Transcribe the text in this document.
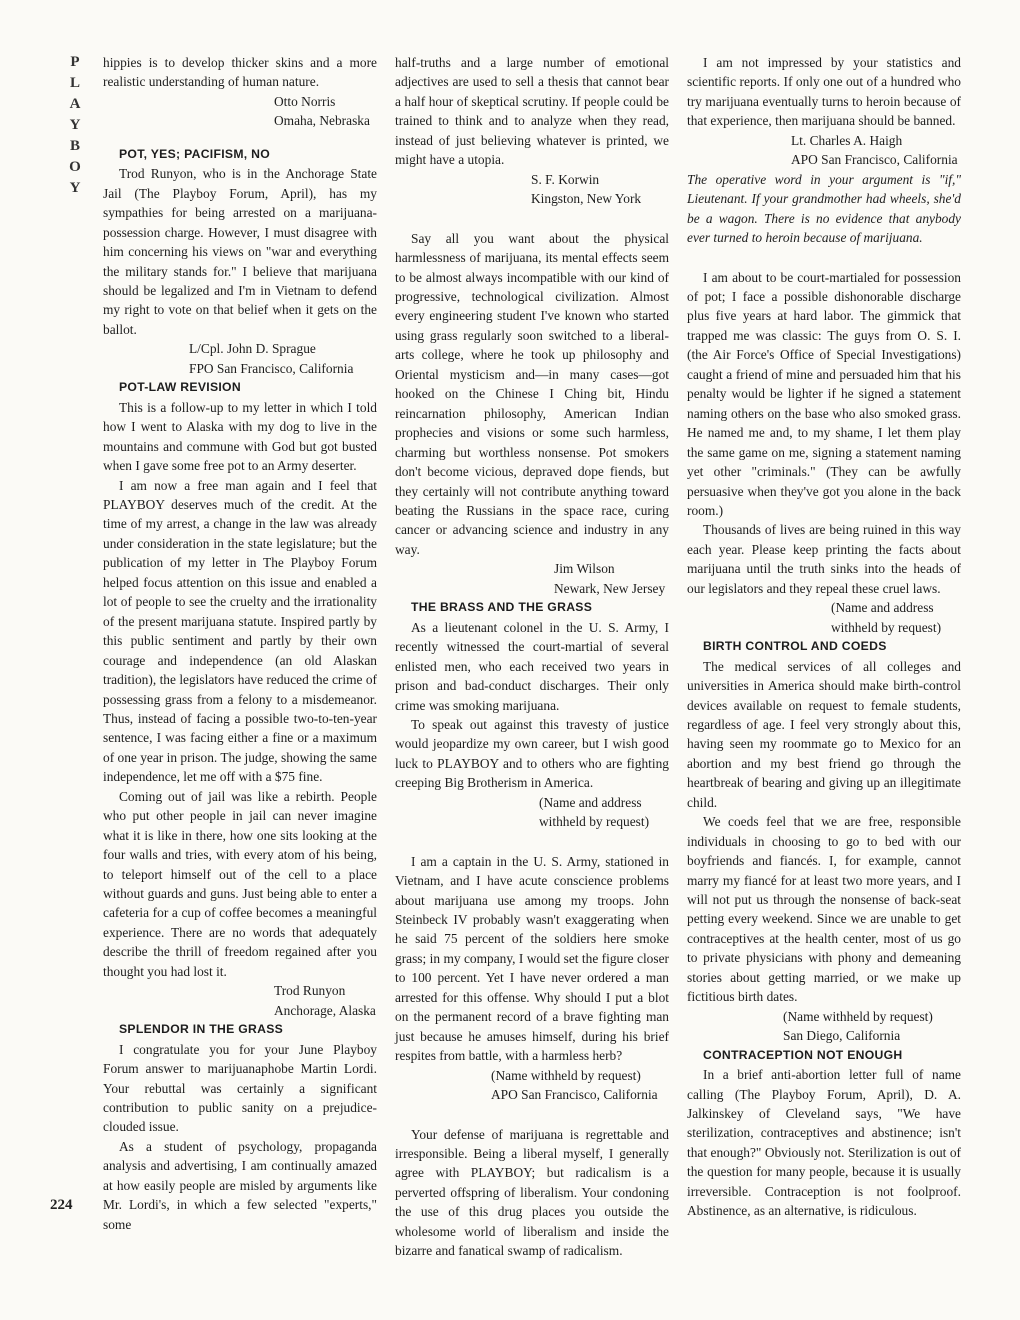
P
L
A
Y
B
O
Y
224

hippies is to develop thicker skins and a more realistic understanding of human nature.

Otto Norris

Omaha, Nebraska

POT, YES; PACIFISM, NO

Trod Runyon, who is in the Anchorage State Jail (The Playboy Forum, April), has my sympathies for being arrested on a marijuana-possession charge. However, I must disagree with him concerning his views on "war and everything the military stands for." I believe that marijuana should be legalized and I'm in Vietnam to defend my right to vote on that belief when it gets on the ballot.

L/Cpl. John D. Sprague

FPO San Francisco, California

POT-LAW REVISION

This is a follow-up to my letter in which I told how I went to Alaska with my dog to live in the mountains and commune with God but got busted when I gave some free pot to an Army deserter.

I am now a free man again and I feel that PLAYBOY deserves much of the credit. At the time of my arrest, a change in the law was already under consideration in the state legislature; but the publication of my letter in The Playboy Forum helped focus attention on this issue and enabled a lot of people to see the cruelty and the irrationality of the present marijuana statute. Inspired partly by this public sentiment and partly by their own courage and independence (an old Alaskan tradition), the legislators have reduced the crime of possessing grass from a felony to a misdemeanor. Thus, instead of facing a possible two-to-ten-year sentence, I was facing either a fine or a maximum of one year in prison. The judge, showing the same independence, let me off with a $75 fine.

Coming out of jail was like a rebirth. People who put other people in jail can never imagine what it is like in there, how one sits looking at the four walls and tries, with every atom of his being, to teleport himself out of the cell to a place without guards and guns. Just being able to enter a cafeteria for a cup of coffee becomes a meaningful experience. There are no words that adequately describe the thrill of freedom regained after you thought you had lost it.

Trod Runyon

Anchorage, Alaska

SPLENDOR IN THE GRASS

I congratulate you for your June Playboy Forum answer to marijuanaphobe Martin Lordi. Your rebuttal was certainly a significant contribution to public sanity on a prejudice-clouded issue.

As a student of psychology, propaganda analysis and advertising, I am continually amazed at how easily people are misled by arguments like Mr. Lordi's, in which a few selected "experts," some

half-truths and a large number of emotional adjectives are used to sell a thesis that cannot bear a half hour of skeptical scrutiny. If people could be trained to think and to analyze when they read, instead of just believing whatever is printed, we might have a utopia.

S. F. Korwin

Kingston, New York

Say all you want about the physical harmlessness of marijuana, its mental effects seem to be almost always incompatible with our kind of progressive, technological civilization. Almost every engineering student I've known who started using grass regularly soon switched to a liberal-arts college, where he took up philosophy and Oriental mysticism and—in many cases—got hooked on the Chinese I Ching bit, Hindu reincarnation philosophy, American Indian prophecies and visions or some such harmless, charming but worthless nonsense. Pot smokers don't become vicious, depraved dope fiends, but they certainly will not contribute anything toward beating the Russians in the space race, curing cancer or advancing science and industry in any way.

Jim Wilson

Newark, New Jersey

THE BRASS AND THE GRASS

As a lieutenant colonel in the U. S. Army, I recently witnessed the court-martial of several enlisted men, who each received two years in prison and bad-conduct discharges. Their only crime was smoking marijuana.

To speak out against this travesty of justice would jeopardize my own career, but I wish good luck to PLAYBOY and to others who are fighting creeping Big Brotherism in America.

(Name and address

withheld by request)

I am a captain in the U. S. Army, stationed in Vietnam, and I have acute conscience problems about marijuana use among my troops. John Steinbeck IV probably wasn't exaggerating when he said 75 percent of the soldiers here smoke grass; in my company, I would set the figure closer to 100 percent. Yet I have never ordered a man arrested for this offense. Why should I put a blot on the permanent record of a brave fighting man just because he amuses himself, during his brief respites from battle, with a harmless herb?

(Name withheld by request)

APO San Francisco, California

Your defense of marijuana is regrettable and irresponsible. Being a liberal myself, I generally agree with PLAYBOY; but radicalism is a perverted offspring of liberalism. Your condoning the use of this drug places you outside the wholesome world of liberalism and inside the bizarre and fanatical swamp of radicalism.

I am not impressed by your statistics and scientific reports. If only one out of a hundred who try marijuana eventually turns to heroin because of that experience, then marijuana should be banned.

Lt. Charles A. Haigh

APO San Francisco, California

The operative word in your argument is "if," Lieutenant. If your grandmother had wheels, she'd be a wagon. There is no evidence that anybody ever turned to heroin because of marijuana.

I am about to be court-martialed for possession of pot; I face a possible dishonorable discharge plus five years at hard labor. The gimmick that trapped me was classic: The guys from O. S. I. (the Air Force's Office of Special Investigations) caught a friend of mine and persuaded him that his penalty would be lighter if he signed a statement naming others on the base who also smoked grass. He named me and, to my shame, I let them play the same game on me, signing a statement naming yet other "criminals." (They can be awfully persuasive when they've got you alone in the back room.)

Thousands of lives are being ruined in this way each year. Please keep printing the facts about marijuana until the truth sinks into the heads of our legislators and they repeal these cruel laws.

(Name and address

withheld by request)

BIRTH CONTROL AND COEDS

The medical services of all colleges and universities in America should make birth-control devices available on request to female students, regardless of age. I feel very strongly about this, having seen my roommate go to Mexico for an abortion and my best friend go through the heartbreak of bearing and giving up an illegitimate child.

We coeds feel that we are free, responsible individuals in choosing to go to bed with our boyfriends and fiancés. I, for example, cannot marry my fiancé for at least two more years, and I will not put us through the nonsense of back-seat petting every weekend. Since we are unable to get contraceptives at the health center, most of us go to private physicians with phony and demeaning stories about getting married, or we make up fictitious birth dates.

(Name withheld by request)

San Diego, California

CONTRACEPTION NOT ENOUGH

In a brief anti-abortion letter full of name calling (The Playboy Forum, April), D. A. Jalkinskey of Cleveland says, "We have sterilization, contraceptives and abstinence; isn't that enough?" Obviously not. Sterilization is out of the question for many people, because it is usually irreversible. Contraception is not foolproof. Abstinence, as an alternative, is ridiculous.
